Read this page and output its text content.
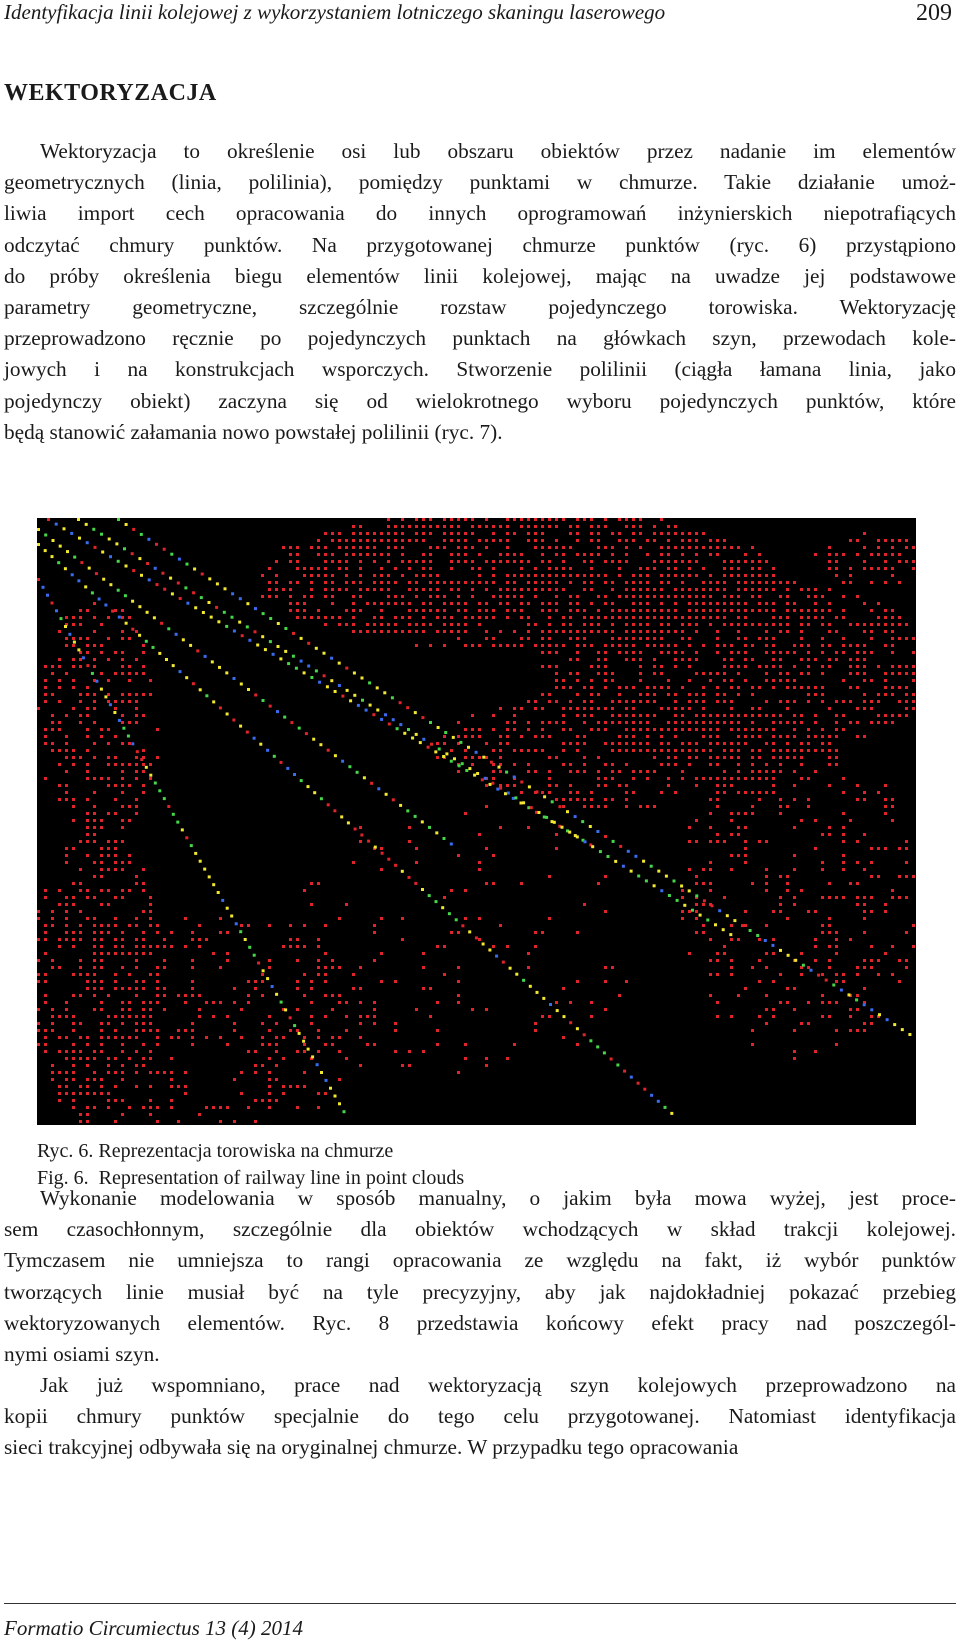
Identyfikacja linii kolejowej z wykorzystaniem lotniczego skaningu laserowego	209
WEKTORYZACJA

Wektoryzacja to określenie osi lub obszaru obiektów przez nadanie im elementów
geometrycznych (linia, polilinia), pomiędzy punktami w chmurze. Takie działanie umoż-
liwia import cech opracowania do innych oprogramowań inżynierskich niepotrafiących
odczytać chmury punktów. Na przygotowanej chmurze punktów (ryc. 6) przystąpiono
do próby określenia biegu elementów linii kolejowej, mając na uwadze jej podstawowe
parametry geometryczne, szczególnie rozstaw pojedynczego torowiska. Wektoryzację
przeprowadzono ręcznie po pojedynczych punktach na główkach szyn, przewodach kole-
jowych i na konstrukcjach wsporczych. Stworzenie polilinii (ciągła łamana linia, jako
pojedynczy obiekt) zaczyna się od wielokrotnego wyboru pojedynczych punktów, które
będą stanowić załamania nowo powstałej polilinii (ryc. 7).

Ryc. 6. Reprezentacja torowiska na chmurze
Fig. 6.  Representation of railway line in point clouds

Wykonanie modelowania w sposób manualny, o jakim była mowa wyżej, jest proce-
sem czasochłonnym, szczególnie dla obiektów wchodzących w skład trakcji kolejowej.
Tymczasem nie umniejsza to rangi opracowania ze względu na fakt, iż wybór punktów
tworzących linie musiał być na tyle precyzyjny, aby jak najdokładniej pokazać przebieg
wektoryzowanych elementów. Ryc. 8 przedstawia końcowy efekt pracy nad poszczegól-
nymi osiami szyn.

Jak już wspomniano, prace nad wektoryzacją szyn kolejowych przeprowadzono na
kopii chmury punktów specjalnie do tego celu przygotowanej. Natomiast identyfikacja
sieci trakcyjnej odbywała się na oryginalnej chmurze. W przypadku tego opracowania

Formatio Circumiectus 13 (4) 2014
